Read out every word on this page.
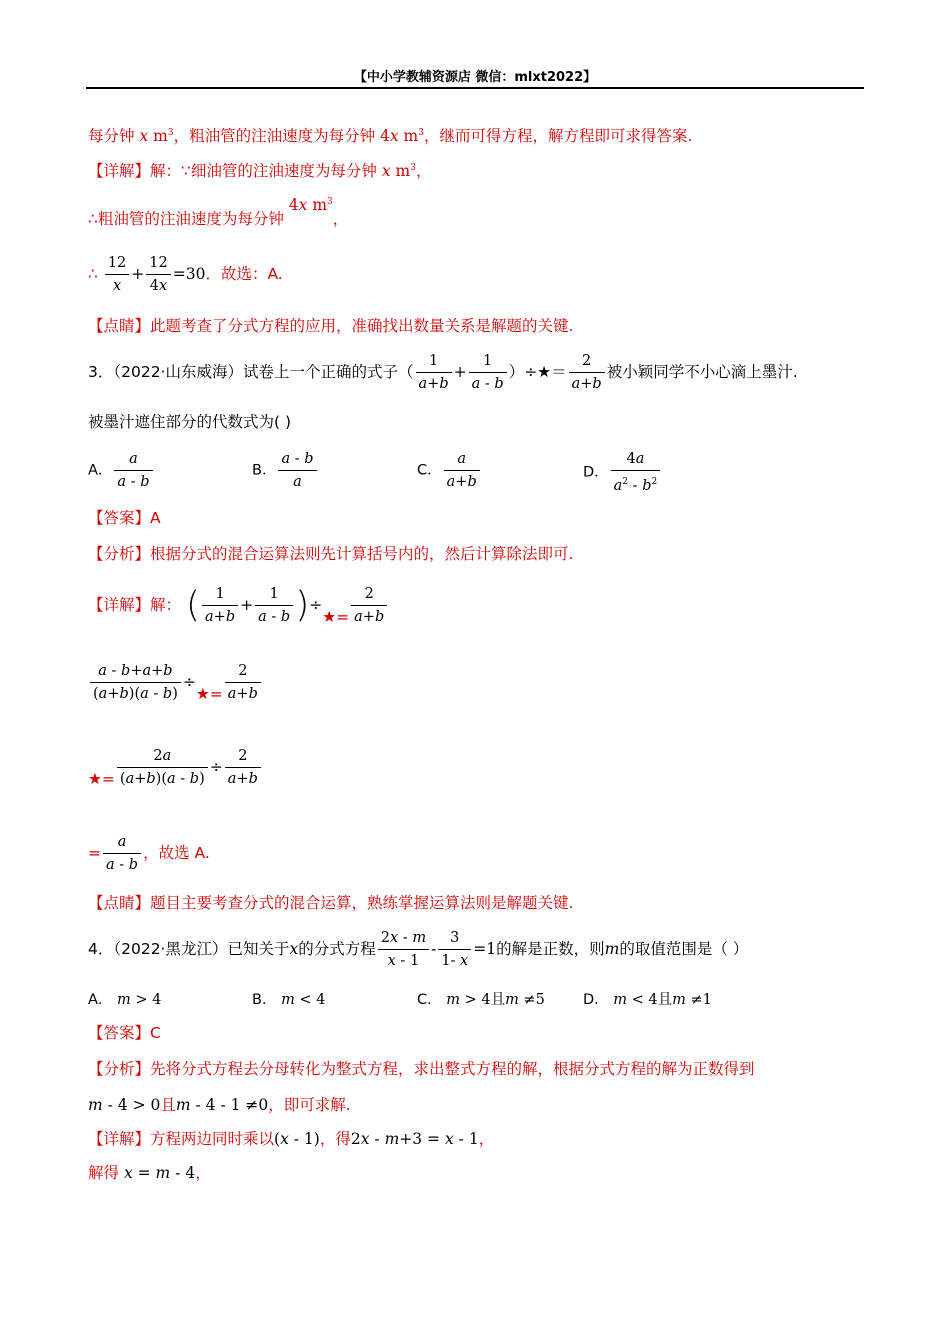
【中小学教辅资源店 微信：mlxt2022】
每分钟 x $m^3$，粗油管的注油速度为每分钟 4x $m^3$，继而可得方程，解方程即可求得答案.
【详解】解：∵细油管的注油速度为每分钟 x $m^3$，
∴粗油管的注油速度为每分钟 4x $m^3$，
∴ $\frac{12}{x} + \frac{12}{4x} =30$．故选：A.
【点睛】此题考查了分式方程的应用，准确找出数量关系是解题的关键.
3．（2022·山东威海）试卷上一个正确的式子（ $\frac{1}{a+b} + \frac{1}{a - b}$ ）÷★＝ $\frac{2}{a+b}$ 被小颖同学不小心滴上墨汁.
被墨汁遮住部分的代数式为( )
A． $\frac{a}{a - b}$	B． $\frac{a - b}{a}$	C． $\frac{a}{a+b}$	D． $\frac{4a}{a^2 - b^2}$
【答案】A
【分析】根据分式的混合运算法则先计算括号内的，然后计算除法即可.
【详解】解： ( $\frac{1}{a+b} + \frac{1}{a - b}$ )÷★= $\frac{2}{a+b}$
$\frac{a - b+a+b}{(a+b)(a - b)}$ ÷★= $\frac{2}{a+b}$
★= $\frac{2a}{(a+b)(a - b)} \div \frac{2}{a+b}$
= $\frac{a}{a - b}$ ，故选 A.
【点睛】题目主要考查分式的混合运算，熟练掌握运算法则是解题关键.
4．（2022·黑龙江）已知关于x的分式方程 $\frac{2x - m}{x - 1} - \frac{3}{1- x} =1$的解是正数，则m的取值范围是（ ）
A． m > 4	B． m < 4	C． m > 4且m ≠5	D． m < 4且m ≠1
【答案】C
【分析】先将分式方程去分母转化为整式方程，求出整式方程的解，根据分式方程的解为正数得到
m - 4 > 0且m - 4 - 1 ≠0，即可求解.
【详解】方程两边同时乘以(x - 1)，得2x - m+3 = x - 1，
解得 x = m - 4，
